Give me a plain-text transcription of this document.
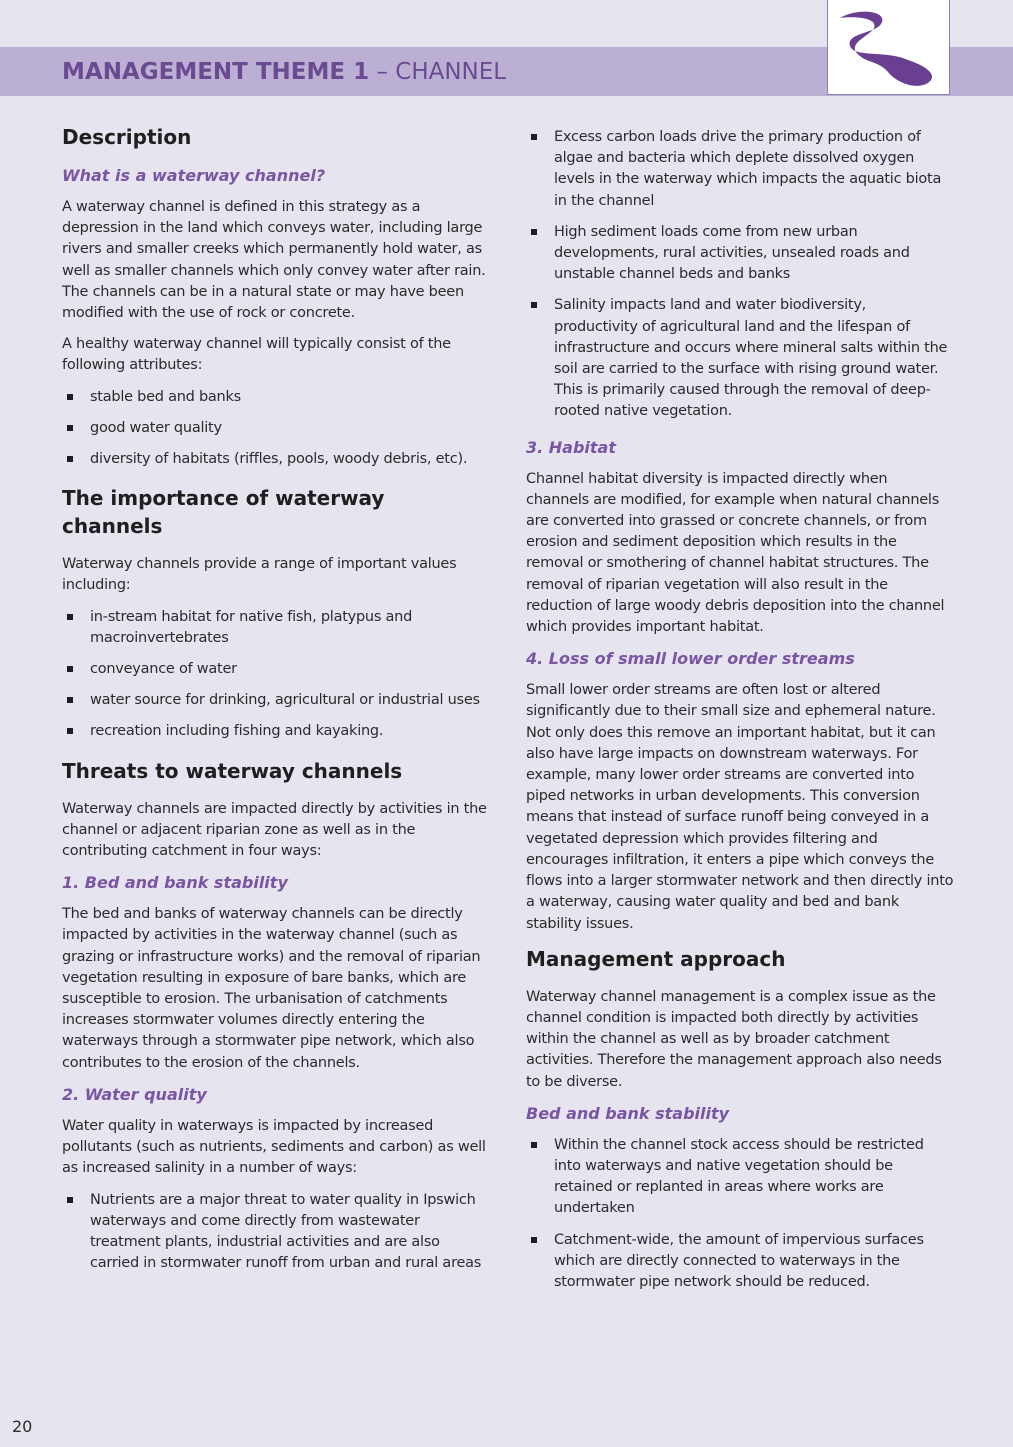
MANAGEMENT THEME 1 – CHANNEL
Description
What is a waterway channel?

A waterway channel is defined in this strategy as a depression in the land which conveys water, including large rivers and smaller creeks which permanently hold water, as well as smaller channels which only convey water after rain. The channels can be in a natural state or may have been modified with the use of rock or concrete.

A healthy waterway channel will typically consist of the following attributes:

stable bed and banks
good water quality
diversity of habitats (riffles, pools, woody debris, etc).
The importance of waterway channels

Waterway channels provide a range of important values including:

in-stream habitat for native fish, platypus and macroinvertebrates
conveyance of water
water source for drinking, agricultural or industrial uses
recreation including fishing and kayaking.
Threats to waterway channels

Waterway channels are impacted directly by activities in the channel or adjacent riparian zone as well as in the contributing catchment in four ways:

1. Bed and bank stability

The bed and banks of waterway channels can be directly impacted by activities in the waterway channel (such as grazing or infrastructure works) and the removal of riparian vegetation resulting in exposure of bare banks, which are susceptible to erosion. The urbanisation of catchments increases stormwater volumes directly entering the waterways through a stormwater pipe network, which also contributes to the erosion of the channels.

2. Water quality

Water quality in waterways is impacted by increased pollutants (such as nutrients, sediments and carbon) as well as increased salinity in a number of ways:

Nutrients are a major threat to water quality in Ipswich waterways and come directly from wastewater treatment plants, industrial activities and are also carried in stormwater runoff from urban and rural areas
Excess carbon loads drive the primary production of algae and bacteria which deplete dissolved oxygen levels in the waterway which impacts the aquatic biota in the channel
High sediment loads come from new urban developments, rural activities, unsealed roads and unstable channel beds and banks
Salinity impacts land and water biodiversity, productivity of agricultural land and the lifespan of infrastructure and occurs where mineral salts within the soil are carried to the surface with rising ground water. This is primarily caused through the removal of deep-rooted native vegetation.
3. Habitat

Channel habitat diversity is impacted directly when channels are modified, for example when natural channels are converted into grassed or concrete channels, or from erosion and sediment deposition which results in the removal or smothering of channel habitat structures. The removal of riparian vegetation will also result in the reduction of large woody debris deposition into the channel which provides important habitat.

4. Loss of small lower order streams

Small lower order streams are often lost or altered significantly due to their small size and ephemeral nature. Not only does this remove an important habitat, but it can also have large impacts on downstream waterways. For example, many lower order streams are converted into piped networks in urban developments. This conversion means that instead of surface runoff being conveyed in a vegetated depression which provides filtering and encourages infiltration, it enters a pipe which conveys the flows into a larger stormwater network and then directly into a waterway, causing water quality and bed and bank stability issues.

Management approach

Waterway channel management is a complex issue as the channel condition is impacted both directly by activities within the channel as well as by broader catchment activities. Therefore the management approach also needs to be diverse.

Bed and bank stability
Within the channel stock access should be restricted into waterways and native vegetation should be retained or replanted in areas where works are undertaken
Catchment-wide, the amount of impervious surfaces which are directly connected to waterways in the stormwater pipe network should be reduced.
20
